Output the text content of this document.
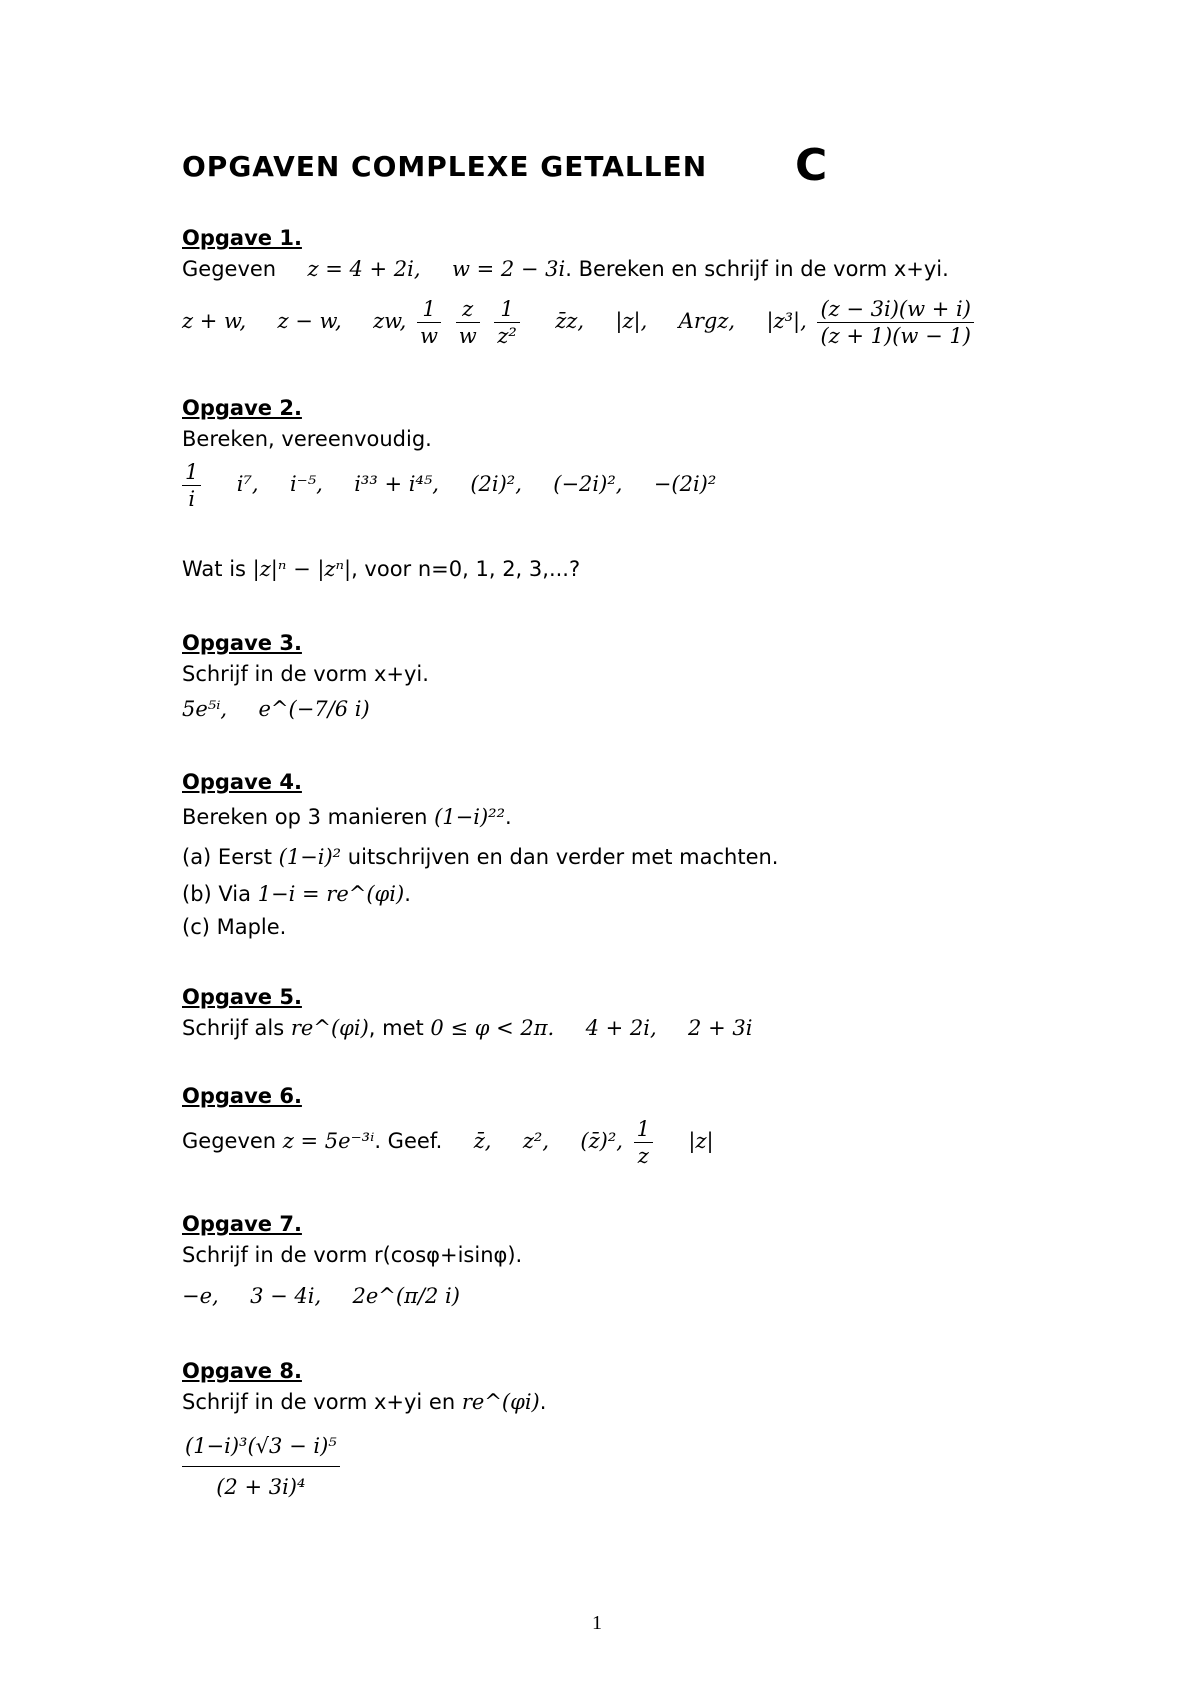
OPGAVEN COMPLEXE GETALLEN C
Opgave 1.
Gegeven z = 4 + 2i, w = 2 − 3i. Bereken en schrijf in de vorm x+yi.
z + w, z − w, zw, $\frac{1}{w}$
$\frac{z}{w}$
$\frac{1}{\text{z²}}$ z̄z, |z|, Argz, |z³|, $\frac{(z - 3i)(w + i)}{(z + 1)(w - 1)}$
Opgave 2.
Bereken, vereenvoudig.
$\frac{1}{i} i^7$, i⁻⁵, i³³ + i⁴⁵, (2i)², (−2i)², −(2i)²
Wat is |z|ⁿ − |zⁿ|, voor n=0, 1, 2, 3,...?
Opgave 3.
Schrijf in de vorm x+yi.
5e⁵ⁱ, e^(−7/6 i)
Opgave 4.
Bereken op 3 manieren (1−i)²².
(a) Eerst (1−i)² uitschrijven en dan verder met machten.
(b) Via 1−i = re^(φi).
(c) Maple.
Opgave 5.
Schrijf als re^(φi), met 0 ≤ φ < 2π. 4 + 2i, 2 + 3i
Opgave 6.
Gegeven z = 5e⁻³ⁱ. Geef. z̄, z², (z̄)², $\frac{1}{z} |z|$
Opgave 7.
Schrijf in de vorm r(cosφ+isinφ).
−e, 3 − 4i, 2e^(π/2 i)
Opgave 8.
Schrijf in de vorm x+yi en re^(φi).
$\frac{\text{(1−i)³(√3 − i)⁵}}{\text{(2 + 3i)⁴}}$
1
